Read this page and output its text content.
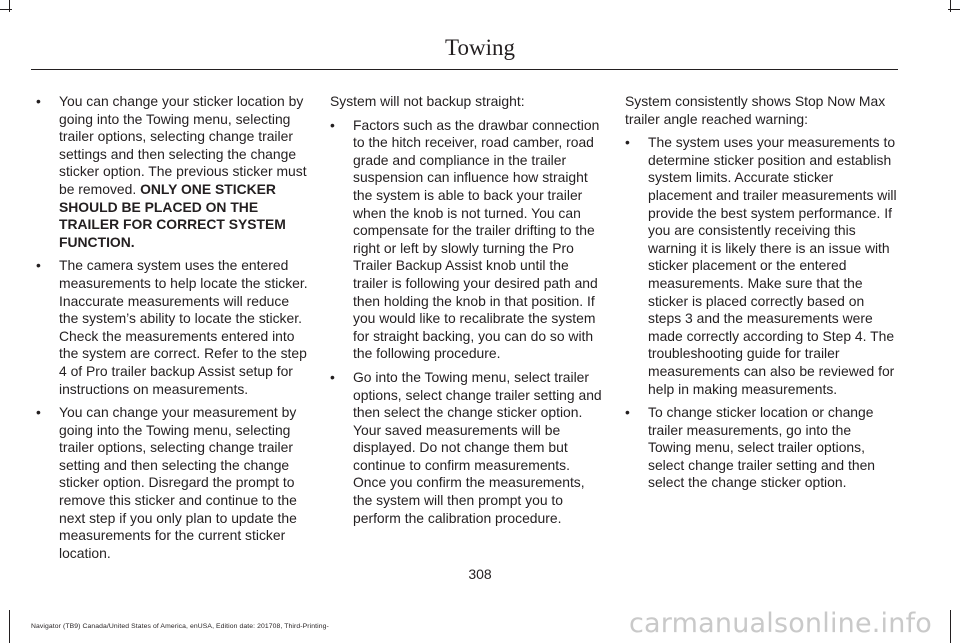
Towing
• You can change your sticker location by going into the Towing menu, selecting trailer options, selecting change trailer settings and then selecting the change sticker option. The previous sticker must be removed. ONLY ONE STICKER SHOULD BE PLACED ON THE TRAILER FOR CORRECT SYSTEM FUNCTION.
• The camera system uses the entered measurements to help locate the sticker. Inaccurate measurements will reduce the system’s ability to locate the sticker. Check the measurements entered into the system are correct. Refer to the step 4 of Pro trailer backup Assist setup for instructions on measurements.
• You can change your measurement by going into the Towing menu, selecting trailer options, selecting change trailer setting and then selecting the change sticker option. Disregard the prompt to remove this sticker and continue to the next step if you only plan to update the measurements for the current sticker location.

System will not backup straight:

• Factors such as the drawbar connection to the hitch receiver, road camber, road grade and compliance in the trailer suspension can influence how straight the system is able to back your trailer when the knob is not turned. You can compensate for the trailer drifting to the right or left by slowly turning the Pro Trailer Backup Assist knob until the trailer is following your desired path and then holding the knob in that position. If you would like to recalibrate the system for straight backing, you can do so with the following procedure.
• Go into the Towing menu, select trailer options, select change trailer setting and then select the change sticker option. Your saved measurements will be displayed. Do not change them but continue to confirm measurements. Once you confirm the measurements, the system will then prompt you to perform the calibration procedure.

System consistently shows Stop Now Max trailer angle reached warning:

• The system uses your measurements to determine sticker position and establish system limits. Accurate sticker placement and trailer measurements will provide the best system performance. If you are consistently receiving this warning it is likely there is an issue with sticker placement or the entered measurements. Make sure that the sticker is placed correctly based on steps 3 and the measurements were made correctly according to Step 4. The troubleshooting guide for trailer measurements can also be reviewed for help in making measurements.
• To change sticker location or change trailer measurements, go into the Towing menu, select trailer options, select change trailer setting and then select the change sticker option.
308
Navigator (TB9) Canada/United States of America, enUSA, Edition date: 201708, Third-Printing-	carmanualsonline.info
